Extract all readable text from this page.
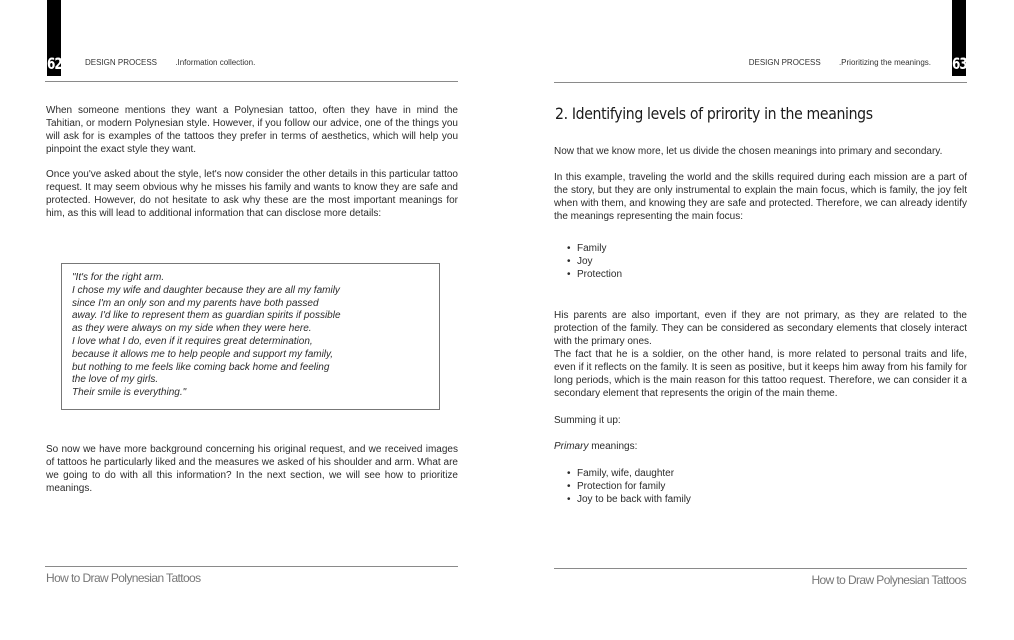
62	DESIGN PROCESS .Information collection.

When someone mentions they want a Polynesian tattoo, often they have in mind the Tahitian, or modern Polynesian style. However, if you follow our advice, one of the things you will ask for is examples of the tattoos they prefer in terms of aesthetics, which will help you pinpoint the exact style they want.

Once you've asked about the style, let's now consider the other details in this particular tattoo request. It may seem obvious why he misses his family and wants to know they are safe and protected. However, do not hesitate to ask why these are the most important meanings for him, as this will lead to additional information that can disclose more details:

"It's for the right arm.
I chose my wife and daughter because they are all my family
since I'm an only son and my parents have both passed
away. I'd like to represent them as guardian spirits if possible
as they were always on my side when they were here.
I love what I do, even if it requires great determination,
because it allows me to help people and support my family,
but nothing to me feels like coming back home and feeling
the love of my girls.
Their smile is everything."

So now we have more background concerning his original request, and we received images of tattoos he particularly liked and the measures we asked of his shoulder and arm. What are we going to do with all this information? In the next section, we will see how to prioritize meanings.

How to Draw Polynesian Tattoos
63
DESIGN PROCESS .Prioritizing the meanings.
2. Identifying levels of prirority in the meanings

Now that we know more, let us divide the chosen meanings into primary and secondary.

In this example, traveling the world and the skills required during each mission are a part of the story, but they are only instrumental to explain the main focus, which is family, the joy felt when with them, and knowing they are safe and protected. Therefore, we can already identify the meanings representing the main focus:

• Family
• Joy
• Protection

His parents are also important, even if they are not primary, as they are related to the protection of the family. They can be considered as secondary elements that closely interact with the primary ones.

The fact that he is a soldier, on the other hand, is more related to personal traits and life, even if it reflects on the family. It is seen as positive, but it keeps him away from his family for long periods, which is the main reason for this tattoo request. Therefore, we can consider it a secondary element that represents the origin of the main theme.

Summing it up:

Primary meanings:

• Family, wife, daughter
• Protection for family
• Joy to be back with family
How to Draw Polynesian Tattoos
